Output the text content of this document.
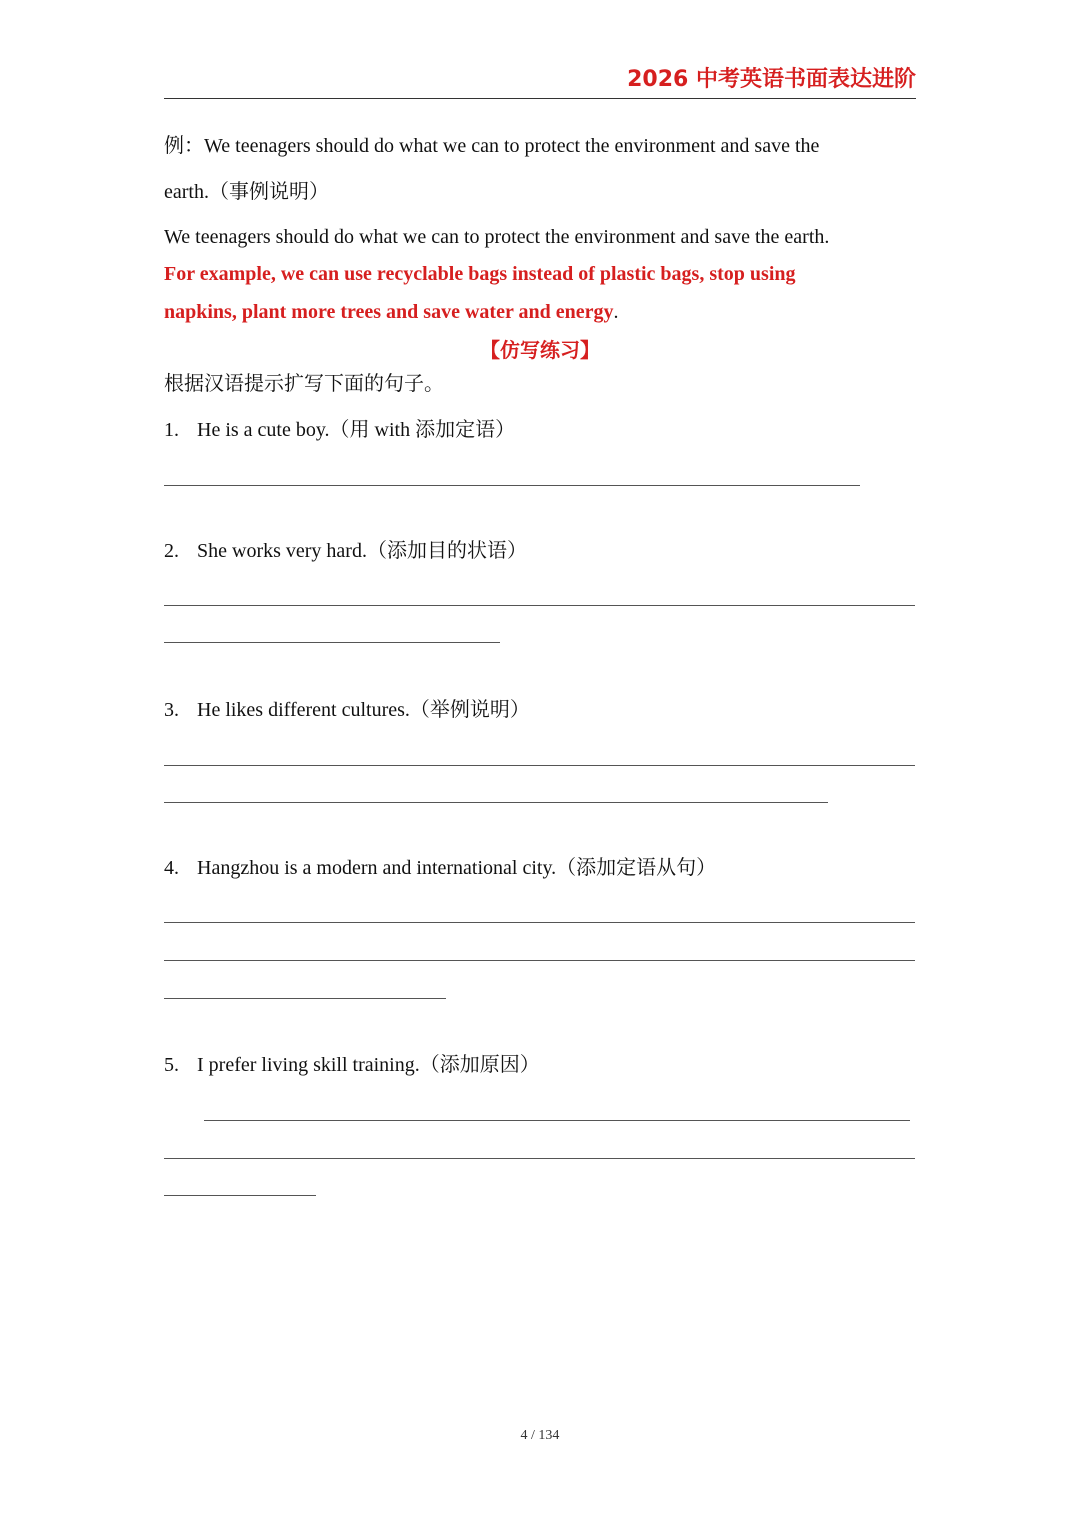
2026 中考英语书面表达进阶
例：We teenagers should do what we can to protect the environment and save the
earth.（事例说明）
We teenagers should do what we can to protect the environment and save the earth.
For example, we can use recyclable bags instead of plastic bags, stop using
napkins, plant more trees and save water and energy.
【仿写练习】
根据汉语提示扩写下面的句子。
1. He is a cute boy.（用 with 添加定语）
2. She works very hard.（添加目的状语）
3. He likes different cultures.（举例说明）
4. Hangzhou is a modern and international city.（添加定语从句）
5. I prefer living skill training.（添加原因）
4 / 134
